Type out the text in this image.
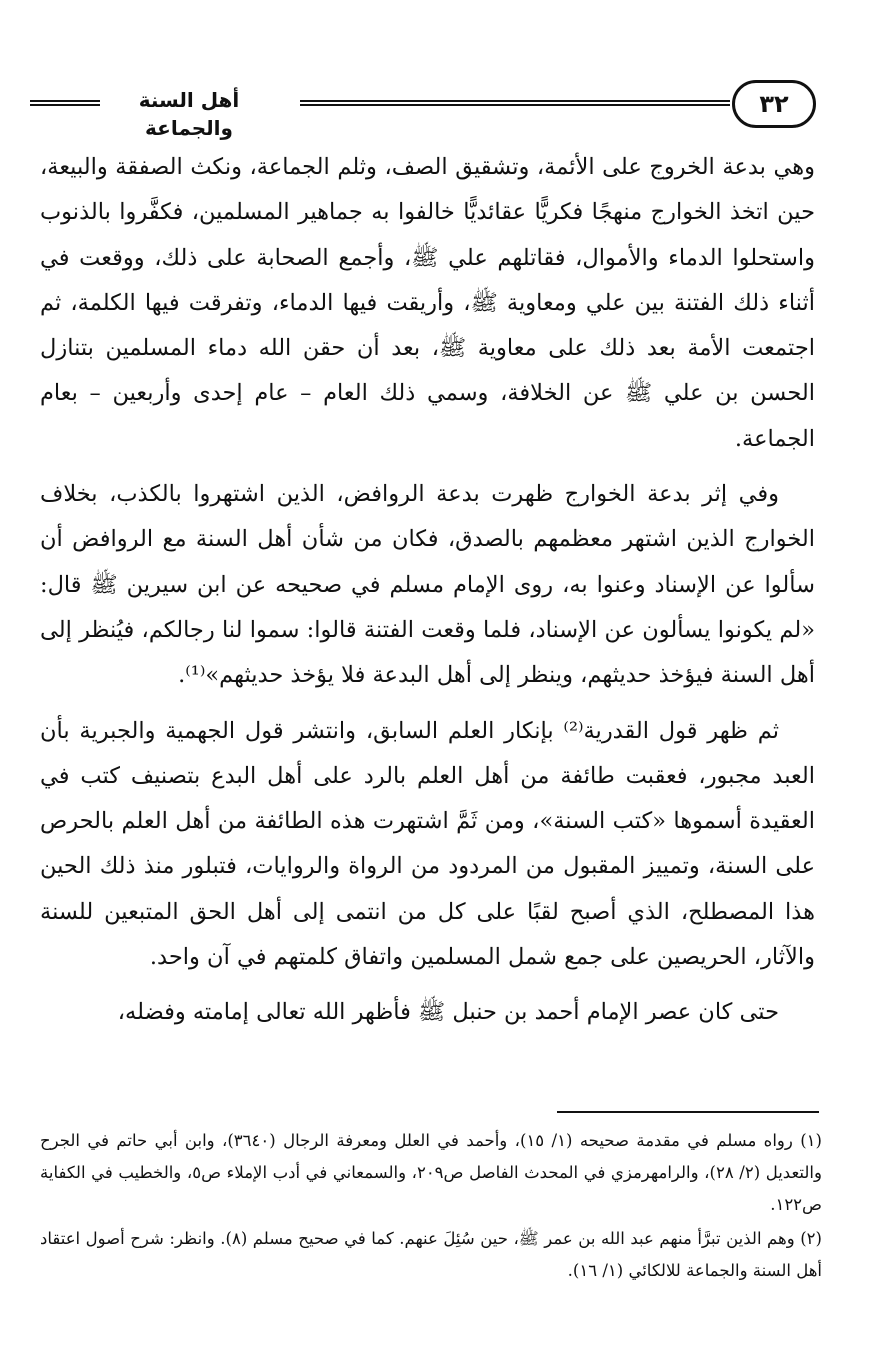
٣٢
أهل السنة والجماعة

وهي بدعة الخروج على الأئمة، وتشقيق الصف، وثلم الجماعة، ونكث الصفقة والبيعة، حين اتخذ الخوارج منهجًا فكريًّا عقائديًّا خالفوا به جماهير المسلمين، فكفَّروا بالذنوب واستحلوا الدماء والأموال، فقاتلهم علي ﷺ، وأجمع الصحابة على ذلك، ووقعت في أثناء ذلك الفتنة بين علي ومعاوية ﷺ، وأريقت فيها الدماء، وتفرقت فيها الكلمة، ثم اجتمعت الأمة بعد ذلك على معاوية ﷺ، بعد أن حقن الله دماء المسلمين بتنازل الحسن بن علي ﷺ عن الخلافة، وسمي ذلك العام – عام إحدى وأربعين – بعام الجماعة.

وفي إثر بدعة الخوارج ظهرت بدعة الروافض، الذين اشتهروا بالكذب، بخلاف الخوارج الذين اشتهر معظمهم بالصدق، فكان من شأن أهل السنة مع الروافض أن سألوا عن الإسناد وعنوا به، روى الإمام مسلم في صحيحه عن ابن سيرين ﷺ قال: «لم يكونوا يسألون عن الإسناد، فلما وقعت الفتنة قالوا: سموا لنا رجالكم، فيُنظر إلى أهل السنة فيؤخذ حديثهم، وينظر إلى أهل البدعة فلا يؤخذ حديثهم»⁽¹⁾.

ثم ظهر قول القدرية⁽²⁾ بإنكار العلم السابق، وانتشر قول الجهمية والجبرية بأن العبد مجبور، فعقبت طائفة من أهل العلم بالرد على أهل البدع بتصنيف كتب في العقيدة أسموها «كتب السنة»، ومن ثَمَّ اشتهرت هذه الطائفة من أهل العلم بالحرص على السنة، وتمييز المقبول من المردود من الرواة والروايات، فتبلور منذ ذلك الحين هذا المصطلح، الذي أصبح لقبًا على كل من انتمى إلى أهل الحق المتبعين للسنة والآثار، الحريصين على جمع شمل المسلمين واتفاق كلمتهم في آن واحد.

حتى كان عصر الإمام أحمد بن حنبل ﷺ فأظهر الله تعالى إمامته وفضله،

(١) رواه مسلم في مقدمة صحيحه (١/ ١٥)، وأحمد في العلل ومعرفة الرجال (٣٦٤٠)، وابن أبي حاتم في الجرح والتعديل (٢/ ٢٨)، والرامهرمزي في المحدث الفاصل ص٢٠٩، والسمعاني في أدب الإملاء ص٥، والخطيب في الكفاية ص١٢٢.

(٢) وهم الذين تبرَّأ منهم عبد الله بن عمر ﷺ، حين سُئِلَ عنهم. كما في صحيح مسلم (٨). وانظر: شرح أصول اعتقاد أهل السنة والجماعة للالكائي (١/ ١٦).
